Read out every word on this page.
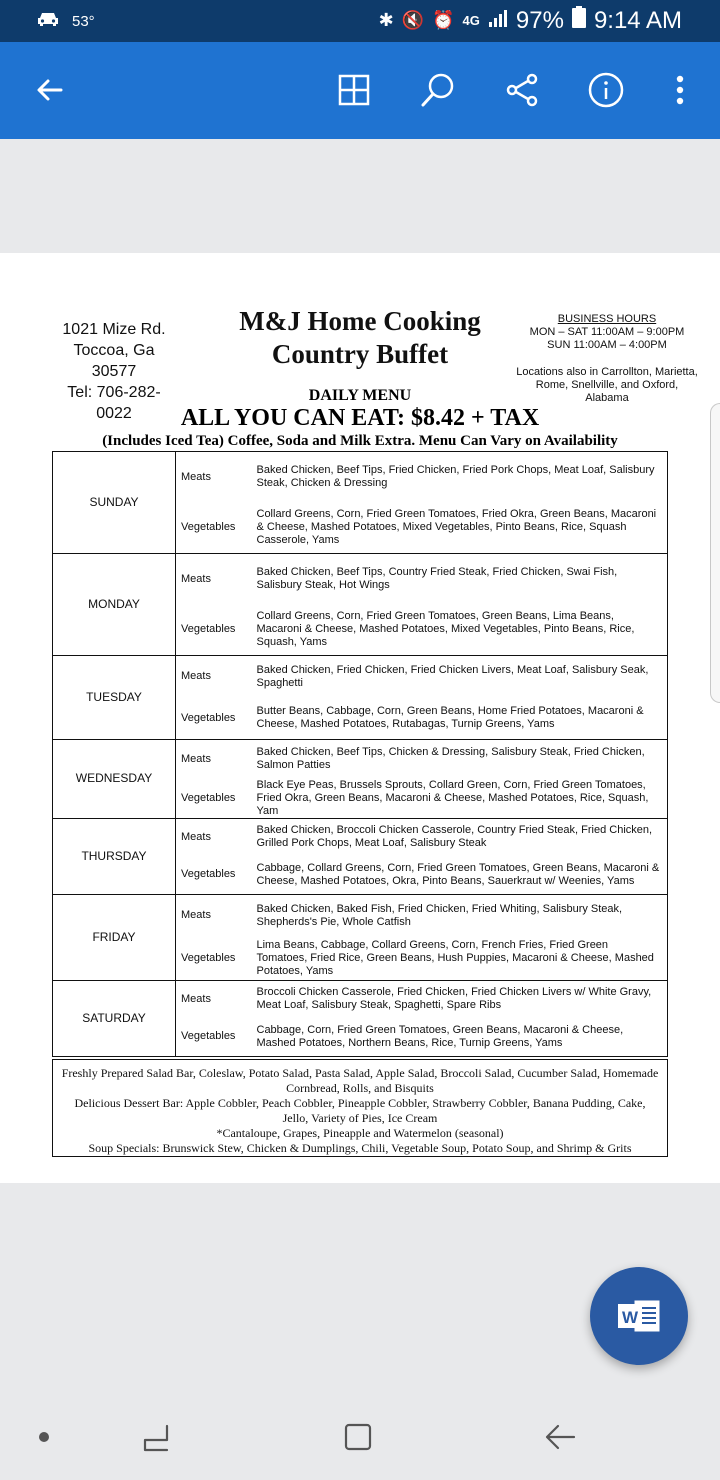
53°	✱ 🔇 ⏰ 4G 97% 9:14 AM
1021 Mize Rd.
Toccoa, Ga 30577
Tel: 706-282-0022
M&J Home Cooking
Country Buffet
BUSINESS HOURS
MON – SAT 11:00AM – 9:00PM
SUN 11:00AM – 4:00PM
Locations also in Carrollton, Marietta, Rome, Snellville, and Oxford, Alabama
DAILY MENU
ALL YOU CAN EAT: $8.42 + TAX
(Includes Iced Tea) Coffee, Soda and Milk Extra. Menu Can Vary on Availability
SUNDAY	Meats	Baked Chicken, Beef Tips, Fried Chicken, Fried Pork Chops, Meat Loaf, Salisbury Steak, Chicken & Dressing
	Vegetables	Collard Greens, Corn, Fried Green Tomatoes, Fried Okra, Green Beans, Macaroni & Cheese, Mashed Potatoes, Mixed Vegetables, Pinto Beans, Rice, Squash Casserole, Yams
MONDAY	Meats	Baked Chicken, Beef Tips, Country Fried Steak, Fried Chicken, Swai Fish, Salisbury Steak, Hot Wings
	Vegetables	Collard Greens, Corn, Fried Green Tomatoes, Green Beans, Lima Beans, Macaroni & Cheese, Mashed Potatoes, Mixed Vegetables, Pinto Beans, Rice, Squash, Yams
TUESDAY	Meats	Baked Chicken, Fried Chicken, Fried Chicken Livers, Meat Loaf, Salisbury Seak, Spaghetti
	Vegetables	Butter Beans, Cabbage, Corn, Green Beans, Home Fried Potatoes, Macaroni & Cheese, Mashed Potatoes, Rutabagas, Turnip Greens, Yams
WEDNESDAY	Meats	Baked Chicken, Beef Tips, Chicken & Dressing, Salisbury Steak, Fried Chicken, Salmon Patties
	Vegetables	Black Eye Peas, Brussels Sprouts, Collard Green, Corn, Fried Green Tomatoes, Fried Okra, Green Beans, Macaroni & Cheese, Mashed Potatoes, Rice, Squash, Yam
THURSDAY	Meats	Baked Chicken, Broccoli Chicken Casserole, Country Fried Steak, Fried Chicken, Grilled Pork Chops, Meat Loaf, Salisbury Steak
	Vegetables	Cabbage, Collard Greens, Corn, Fried Green Tomatoes, Green Beans, Macaroni & Cheese, Mashed Potatoes, Okra, Pinto Beans, Sauerkraut w/ Weenies, Yams
FRIDAY	Meats	Baked Chicken, Baked Fish, Fried Chicken, Fried Whiting, Salisbury Steak, Shepherds's Pie, Whole Catfish
	Vegetables	Lima Beans, Cabbage, Collard Greens, Corn, French Fries, Fried Green Tomatoes, Fried Rice, Green Beans, Hush Puppies, Macaroni & Cheese, Mashed Potatoes, Yams
SATURDAY	Meats	Broccoli Chicken Casserole, Fried Chicken, Fried Chicken Livers w/ White Gravy, Meat Loaf, Salisbury Steak, Spaghetti, Spare Ribs
	Vegetables	Cabbage, Corn, Fried Green Tomatoes, Green Beans, Macaroni & Cheese, Mashed Potatoes, Northern Beans, Rice, Turnip Greens, Yams
Freshly Prepared Salad Bar, Coleslaw, Potato Salad, Pasta Salad, Apple Salad, Broccoli Salad, Cucumber Salad, Homemade Cornbread, Rolls, and Bisquits
Delicious Dessert Bar: Apple Cobbler, Peach Cobbler, Pineapple Cobbler, Strawberry Cobbler, Banana Pudding, Cake, Jello, Variety of Pies, Ice Cream
*Cantaloupe, Grapes, Pineapple and Watermelon (seasonal)
Soup Specials: Brunswick Stew, Chicken & Dumplings, Chili, Vegetable Soup, Potato Soup, and Shrimp & Grits
W
